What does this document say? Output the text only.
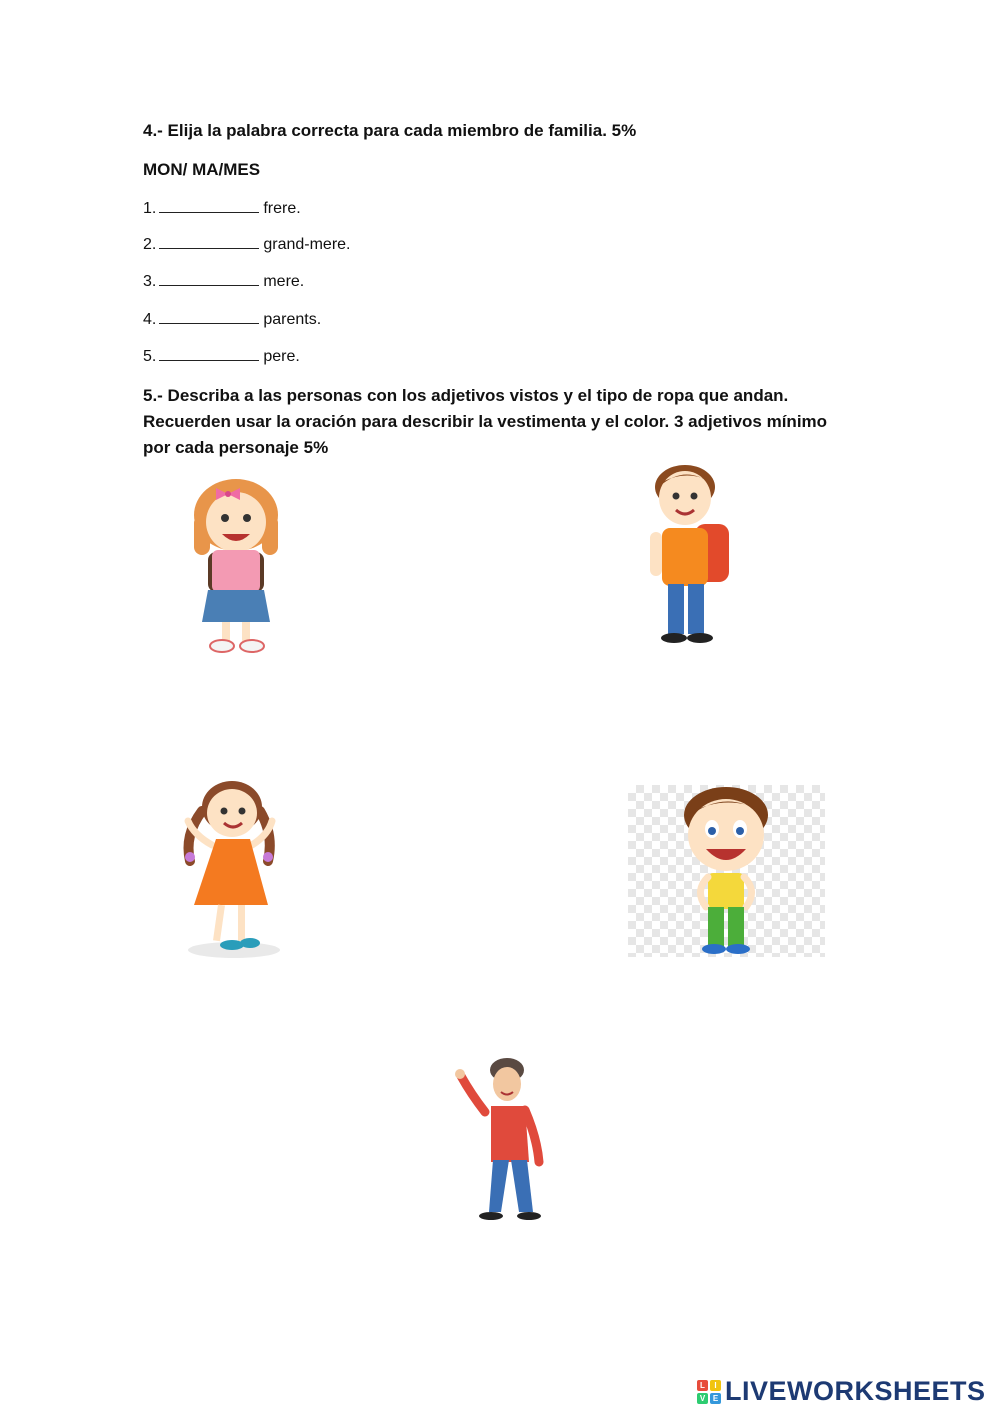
4.- Elija la palabra correcta para cada miembro de familia. 5%
MON/ MA/MES
1.	frere.
2.	grand-mere.
3.	mere.
4.	parents.
5.	pere.
5.- Describa a las personas con los adjetivos vistos y el tipo de ropa que andan.
Recuerden usar la oración para describir la vestimenta y el color. 3 adjetivos mínimo
por cada personaje 5%
L	I
V E LIVEWORKSHEETS
